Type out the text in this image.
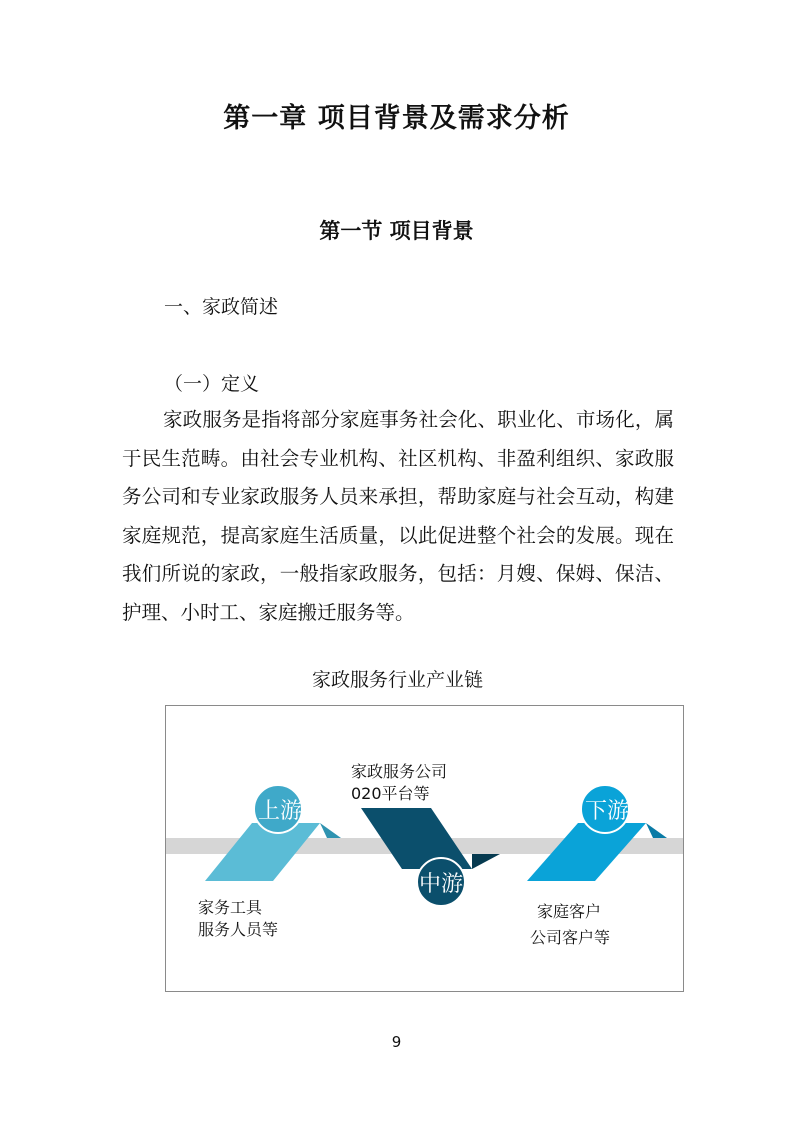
第一章 项目背景及需求分析
第一节 项目背景
一、家政简述
（一）定义

家政服务是指将部分家庭事务社会化、职业化、市场化，属于民生范畴。由社会专业机构、社区机构、非盈利组织、家政服务公司和专业家政服务人员来承担，帮助家庭与社会互动，构建家庭规范，提高家庭生活质量，以此促进整个社会的发展。现在我们所说的家政，一般指家政服务，包括：月嫂、保姆、保洁、护理、小时工、家庭搬迁服务等。

家政服务行业产业链
上游
中游
下游
家政服务公司
020平台等
家务工具
服务人员等
家庭客户
公司客户等
9
